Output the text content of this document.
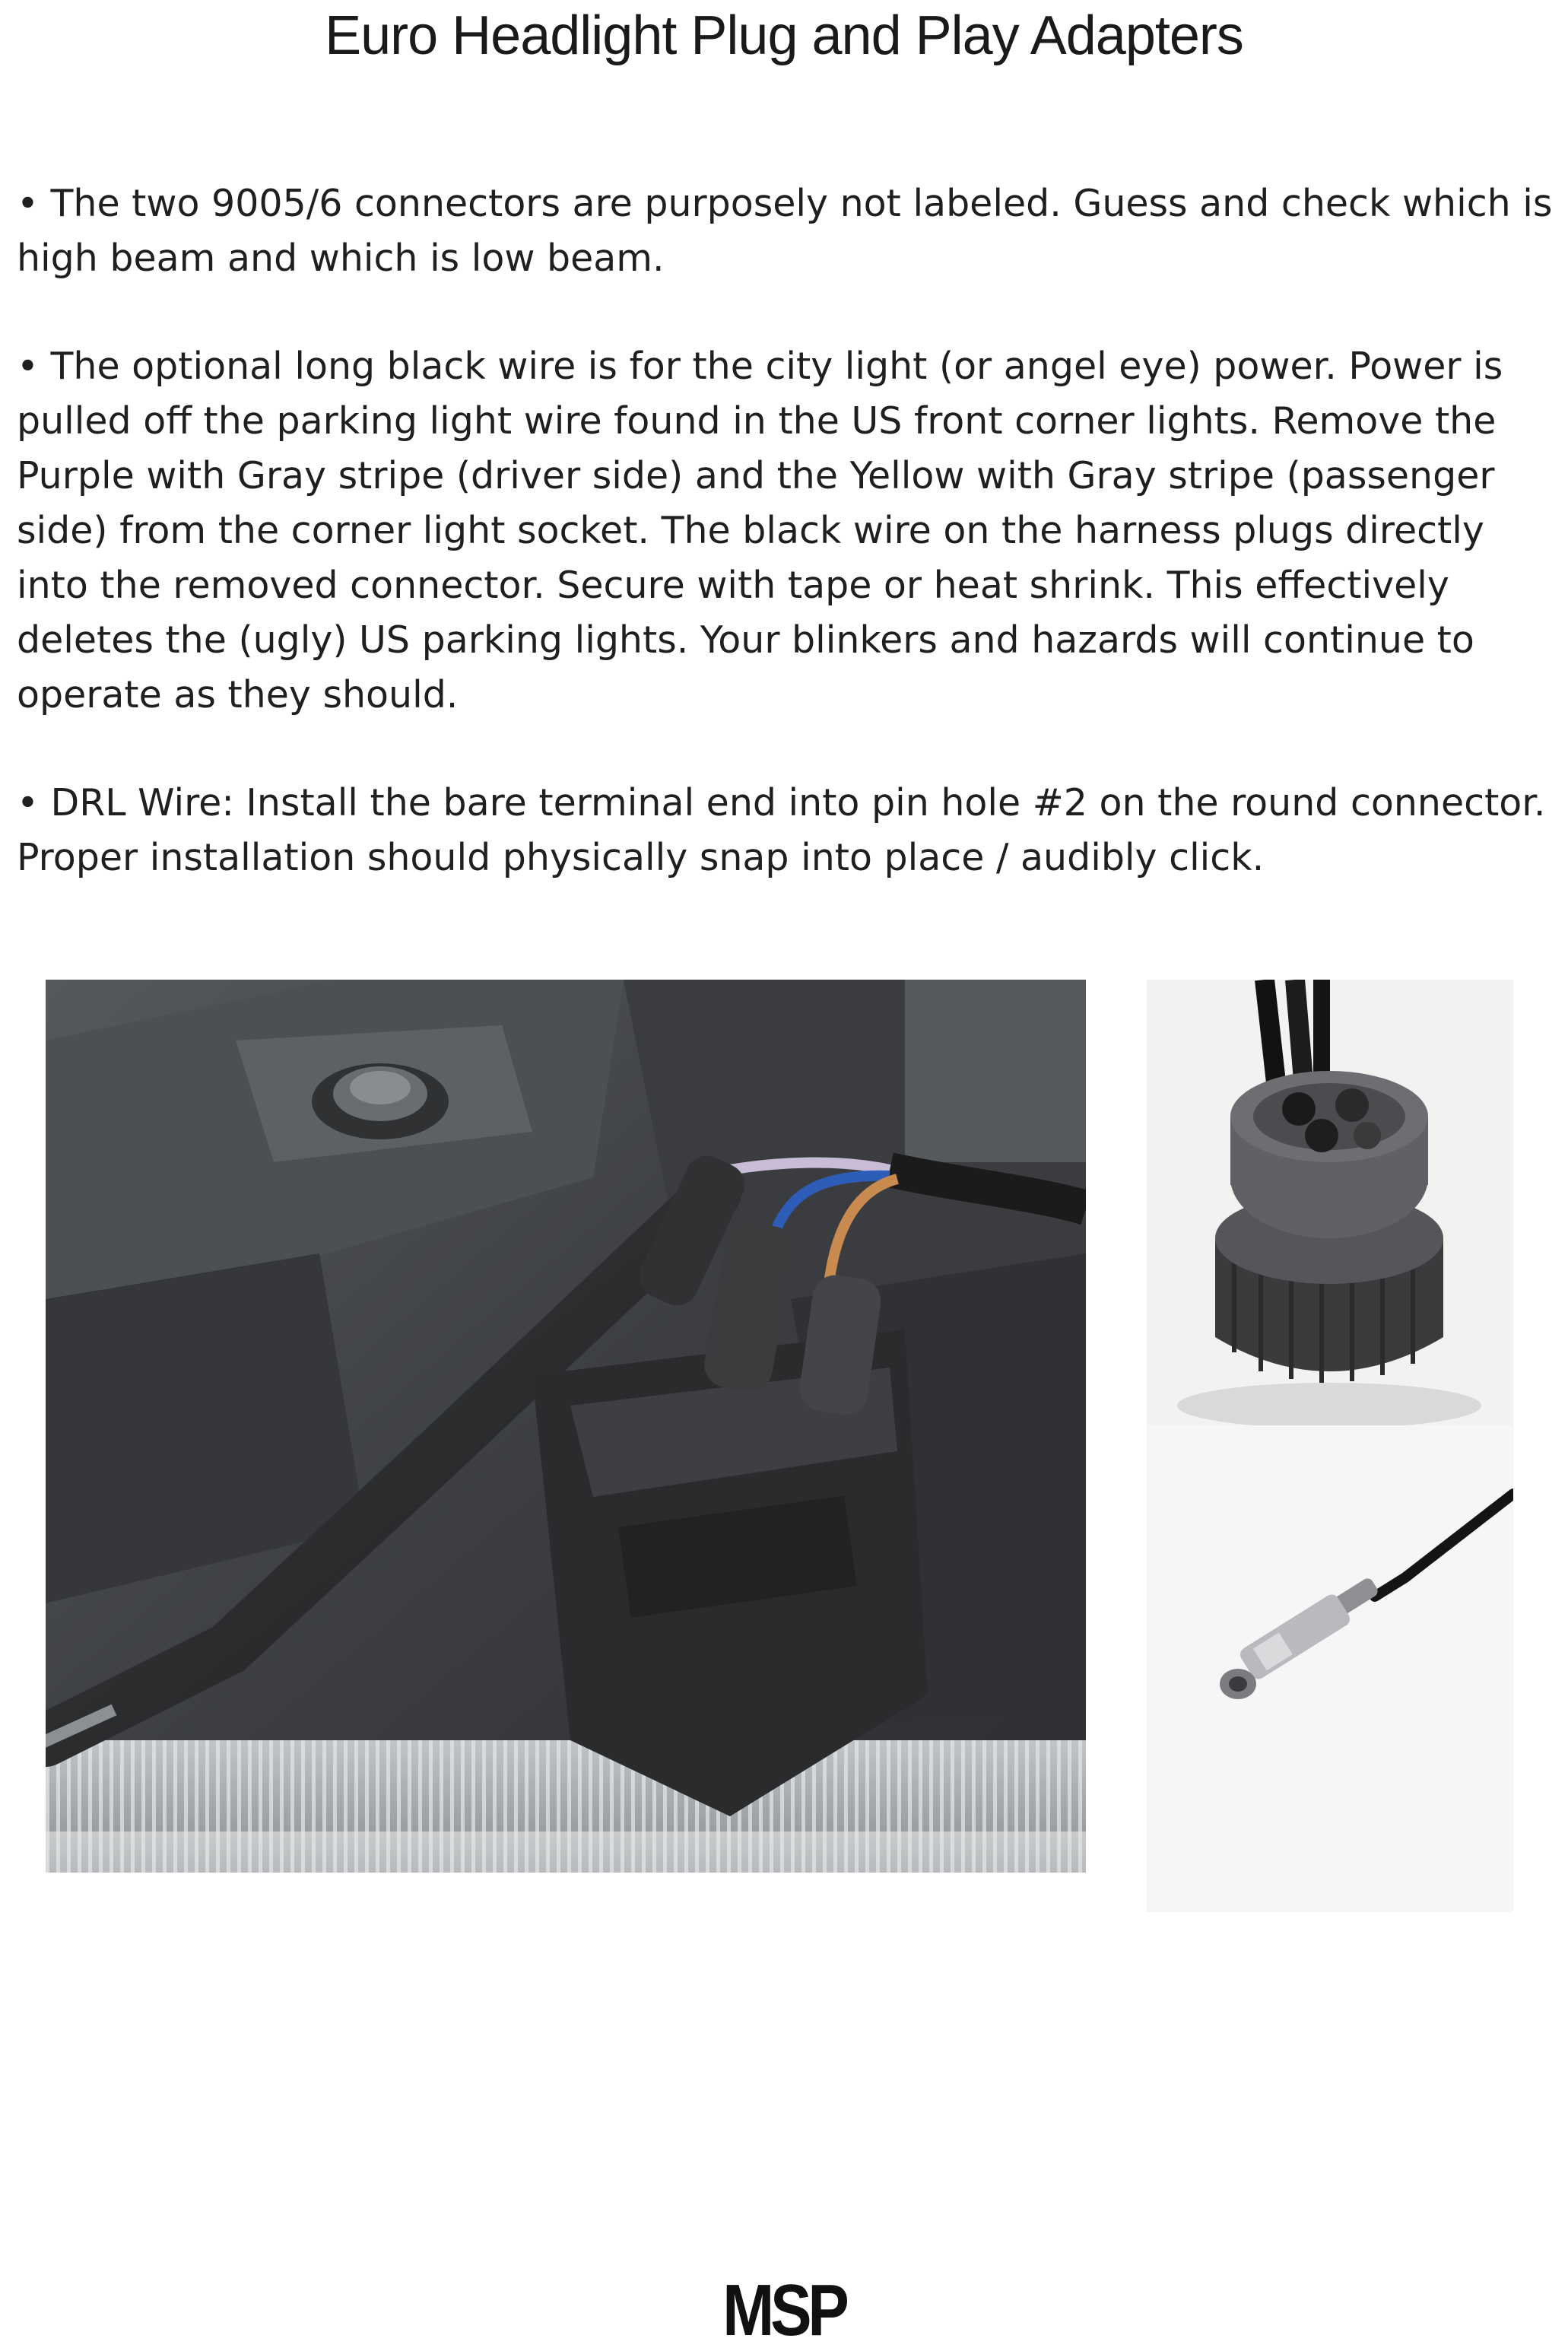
Euro Headlight Plug and Play Adapters

• The two 9005/6 connectors are purposely not labeled. Guess and check which is high beam and which is low beam.

• The optional long black wire is for the city light (or angel eye) power. Power is pulled off the parking light wire found in the US front corner lights. Remove the Purple with Gray stripe (driver side) and the Yellow with Gray stripe (passenger side) from the corner light socket. The black wire on the harness plugs directly into the removed connector. Secure with tape or heat shrink. This effectively deletes the (ugly) US parking lights. Your blinkers and hazards will continue to operate as they should.

• DRL Wire: Install the bare terminal end into pin hole #2 on the round connector. Proper installation should physically snap into place / audibly click.

MSP
